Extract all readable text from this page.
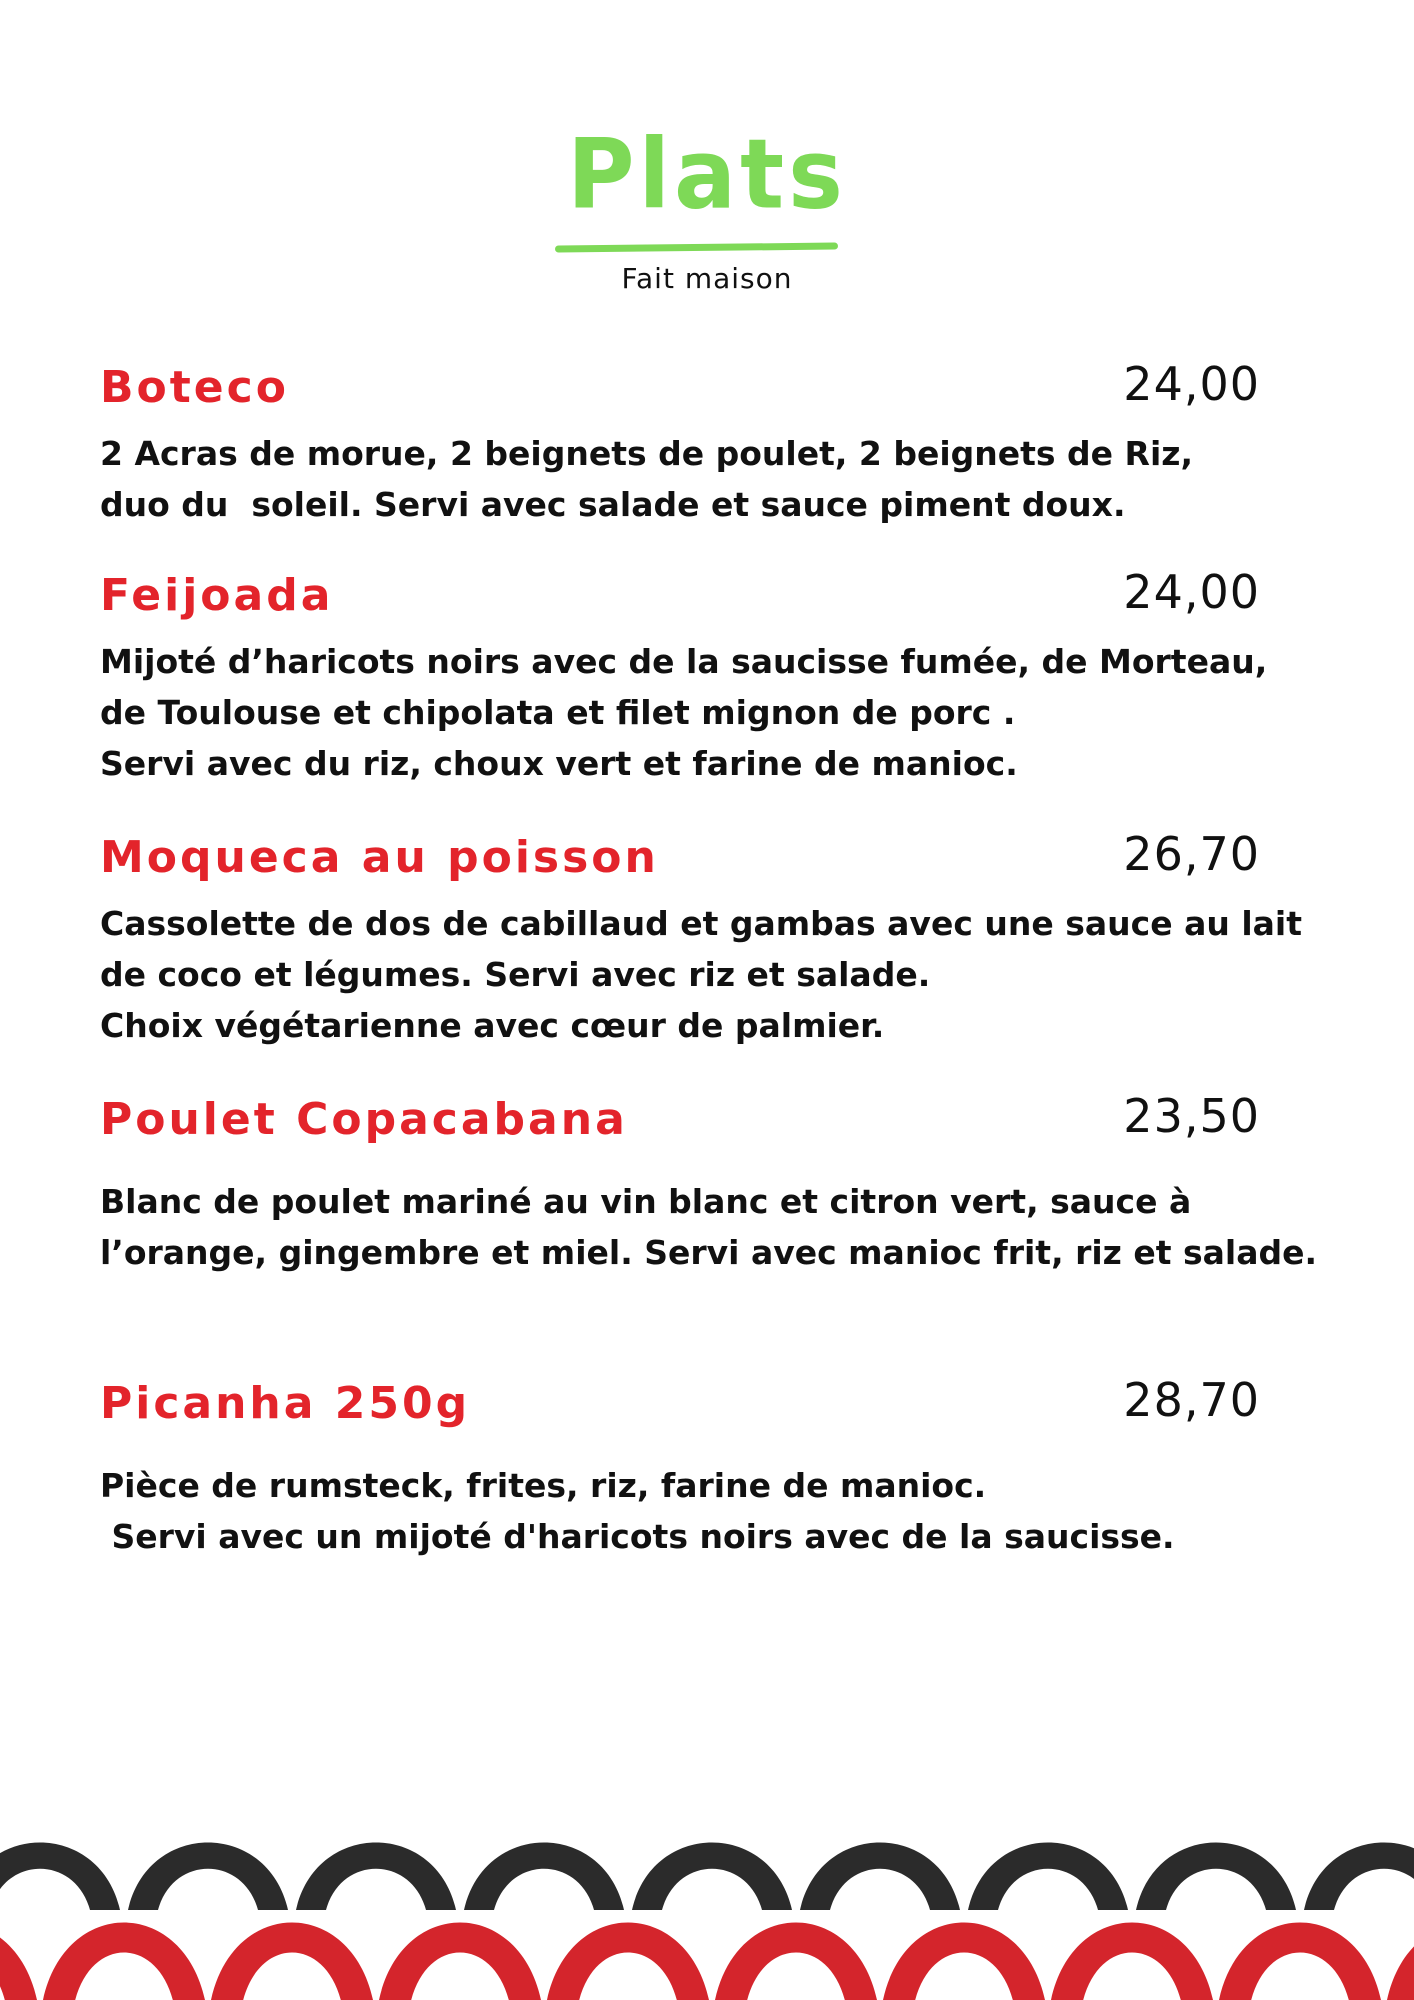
Plats
Fait maison
Boteco	24,00
2 Acras de morue, 2 beignets de poulet, 2 beignets de Riz,
duo du  soleil. Servi avec salade et sauce piment doux.
Feijoada	24,00
Mijoté d’haricots noirs avec de la saucisse fumée, de Morteau,
de Toulouse et chipolata et filet mignon de porc .
Servi avec du riz, choux vert et farine de manioc.
Moqueca au poisson	26,70
Cassolette de dos de cabillaud et gambas avec une sauce au lait
de coco et légumes. Servi avec riz et salade.
Choix végétarienne avec cœur de palmier.
Poulet Copacabana	23,50
Blanc de poulet mariné au vin blanc et citron vert, sauce à
l’orange, gingembre et miel. Servi avec manioc frit, riz et salade.
Picanha 250g	28,70
Pièce de rumsteck, frites, riz, farine de manioc.
Servi avec un mijoté d'haricots noirs avec de la saucisse.
